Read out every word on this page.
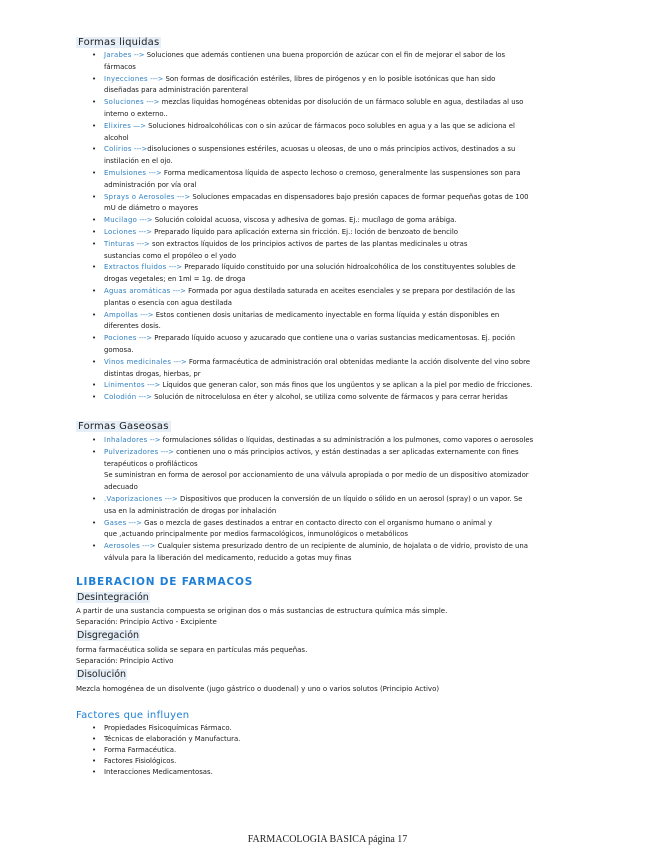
Formas liquidas
• Jarabes --> Soluciones que además contienen una buena proporción de azúcar con el fin de mejorar el sabor de los
fármacos
• Inyecciones ---> Son formas de dosificación estériles, libres de pirógenos y en lo posible isotónicas que han sido
diseñadas para administración parenteral
• Soluciones ---> mezclas liquidas homogéneas obtenidas por disolución de un fármaco soluble en agua, destiladas al uso
interno o externo..
• Elixires —> Soluciones hidroalcohólicas con o sin azúcar de fármacos poco solubles en agua y a las que se adiciona el
alcohol
• Colirios --->disoluciones o suspensiones estériles, acuosas u oleosas, de uno o más principios activos, destinados a su
instilación en el ojo.
• Emulsiones ---> Forma medicamentosa líquida de aspecto lechoso o cremoso, generalmente las suspensiones son para
administración por vía oral
• Sprays o Aerosoles ---> Soluciones empacadas en dispensadores bajo presión capaces de formar pequeñas gotas de 100
mU de diámetro o mayores
• Mucilago ---> Solución coloidal acuosa, viscosa y adhesiva de gomas. Ej.: mucílago de goma arábiga.
• Lociones ---> Preparado líquido para aplicación externa sin fricción. Ej.: loción de benzoato de bencilo
• Tinturas ---> son extractos líquidos de los principios activos de partes de las plantas medicinales u otras
sustancias como el propóleo o el yodo
• Extractos fluidos ---> Preparado líquido constituido por una solución hidroalcohólica de los constituyentes solubles de
drogas vegetales; en 1ml = 1g. de droga
• Aguas aromáticas ---> Formada por agua destilada saturada en aceites esenciales y se prepara por destilación de las
plantas o esencia con agua destilada
• Ampollas ---> Estos contienen dosis unitarias de medicamento inyectable en forma líquida y están disponibles en
diferentes dosis.
• Pociones ---> Preparado líquido acuoso y azucarado que contiene una o varias sustancias medicamentosas. Ej. poción
gomosa.
• Vinos medicinales ---> Forma farmacéutica de administración oral obtenidas mediante la acción disolvente del vino sobre
distintas drogas, hierbas, pr
• Linimentos ---> Líquidos que generan calor, son más finos que los ungüentos y se aplican a la piel por medio de fricciones.
• Colodión ---> Solución de nitrocelulosa en éter y alcohol, se utiliza como solvente de fármacos y para cerrar heridas
Formas Gaseosas
• Inhaladores --> formulaciones sólidas o líquidas, destinadas a su administración a los pulmones, como vapores o aerosoles
• Pulverizadores ---> contienen uno o más principios activos, y están destinadas a ser aplicadas externamente con fines
terapéuticos o profilácticos
Se suministran en forma de aerosol por accionamiento de una válvula apropiada o por medio de un dispositivo atomizador
adecuado
• .Vaporizaciones ---> Dispositivos que producen la conversión de un líquido o sólido en un aerosol (spray) o un vapor. Se
usa en la administración de drogas por inhalación
• Gases ---> Gas o mezcla de gases destinados a entrar en contacto directo con el organismo humano o animal y
que ,actuando principalmente por medios farmacológicos, inmunológicos o metabólicos
• Aerosoles ---> Cualquier sistema presurizado dentro de un recipiente de aluminio, de hojalata o de vidrio, provisto de una
válvula para la liberación del medicamento, reducido a gotas muy finas
LIBERACION DE FARMACOS
Desintegración
A partir de una sustancia compuesta se originan dos o más sustancias de estructura química más simple.
Separación: Principio Activo - Excipiente
Disgregación
forma farmacéutica solida se separa en partículas más pequeñas.
Separación: Principio Activo
Disolución
Mezcla homogénea de un disolvente (jugo gástrico o duodenal) y uno o varios solutos (Principio Activo)
Factores que influyen
• Propiedades Fisicoquímicas Fármaco.
• Técnicas de elaboración y Manufactura.
• Forma Farmacéutica.
• Factores Fisiológicos.
• Interacciones Medicamentosas.
FARMACOLOGIA BASICA página 17
